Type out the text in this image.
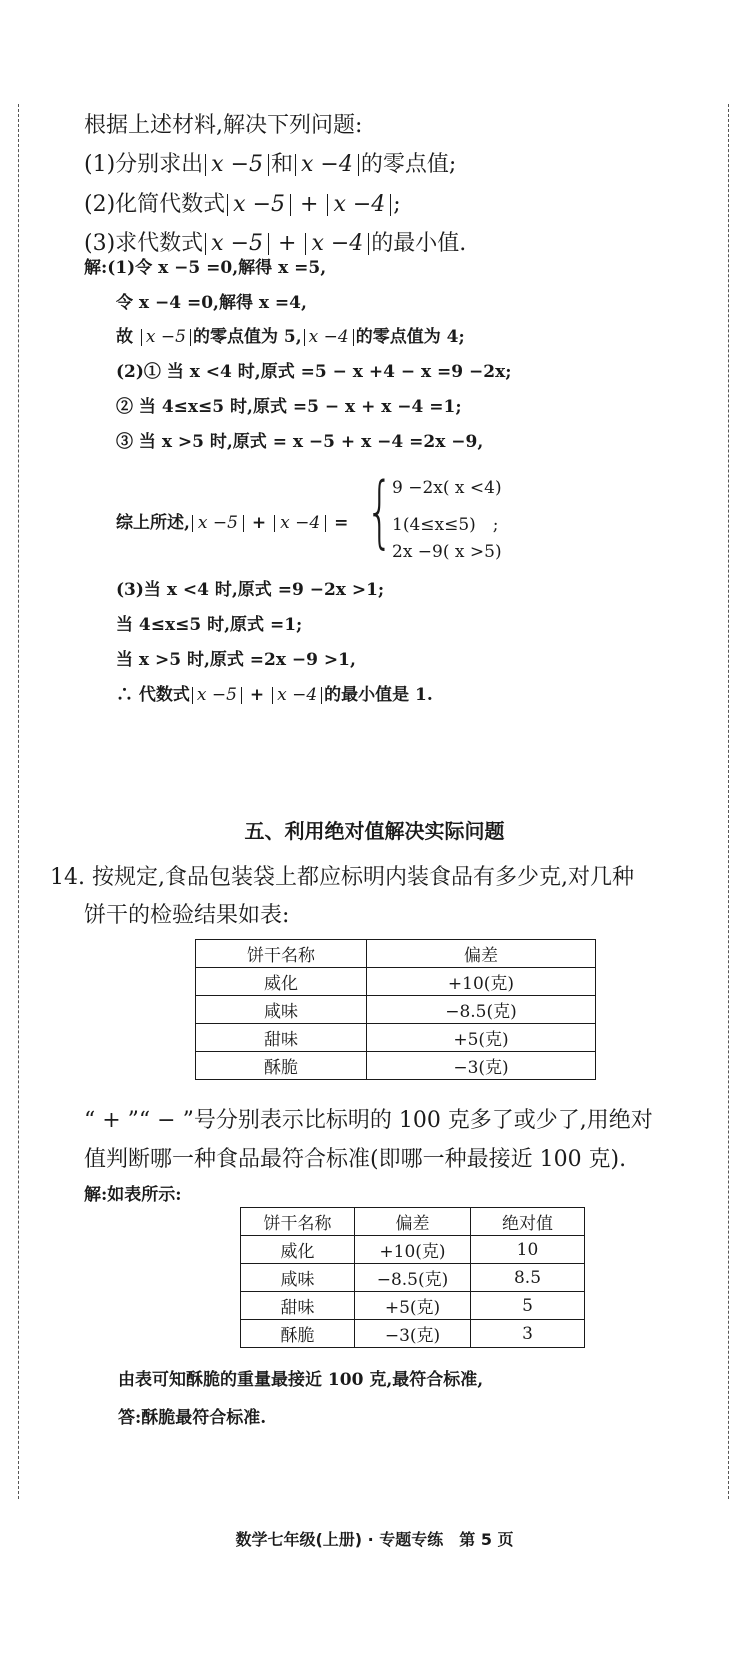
根据上述材料,解决下列问题:
(1)分别求出 x −5 和 x −4 的零点值;
(2)化简代数式 x −5 + x −4 ;
(3)求代数式 x −5 + x −4 的最小值.
解:(1)令 x −5 =0,解得 x =5,
令 x −4 =0,解得 x =4,
故 x −5 的零点值为 5, x −4 的零点值为 4;
(2)① 当 x <4 时,原式 =5 − x +4 − x =9 −2x;
② 当 4≤x≤5 时,原式 =5 − x + x −4 =1;
③ 当 x >5 时,原式 = x −5 + x −4 =2x −9,
综上所述, x −5 + x −4 = {
9 −2x( x <4)
1(4≤x≤5)　 ;
2x −9( x >5)
(3)当 x <4 时,原式 =9 −2x >1;
当 4≤x≤5 时,原式 =1;
当 x >5 时,原式 =2x −9 >1,
∴ 代数式 x −5 + x −4 的最小值是 1.
五、利用绝对值解决实际问题
14. 按规定,食品包装袋上都应标明内装食品有多少克,对几种
饼干的检验结果如表:
饼干名称	偏差
威化	+10(克)
咸味	−8.5(克)
甜味	+5(克)
酥脆	−3(克)
“ + ”“ − ”号分别表示比标明的 100 克多了或少了,用绝对
值判断哪一种食品最符合标准(即哪一种最接近 100 克).
解:如表所示:
饼干名称	偏差	绝对值
威化	+10(克)	10
咸味	−8.5(克)	8.5
甜味	+5(克)	5
酥脆	−3(克)	3
由表可知酥脆的重量最接近 100 克,最符合标准,
答:酥脆最符合标准.
数学七年级(上册) · 专题专练　第 5 页
